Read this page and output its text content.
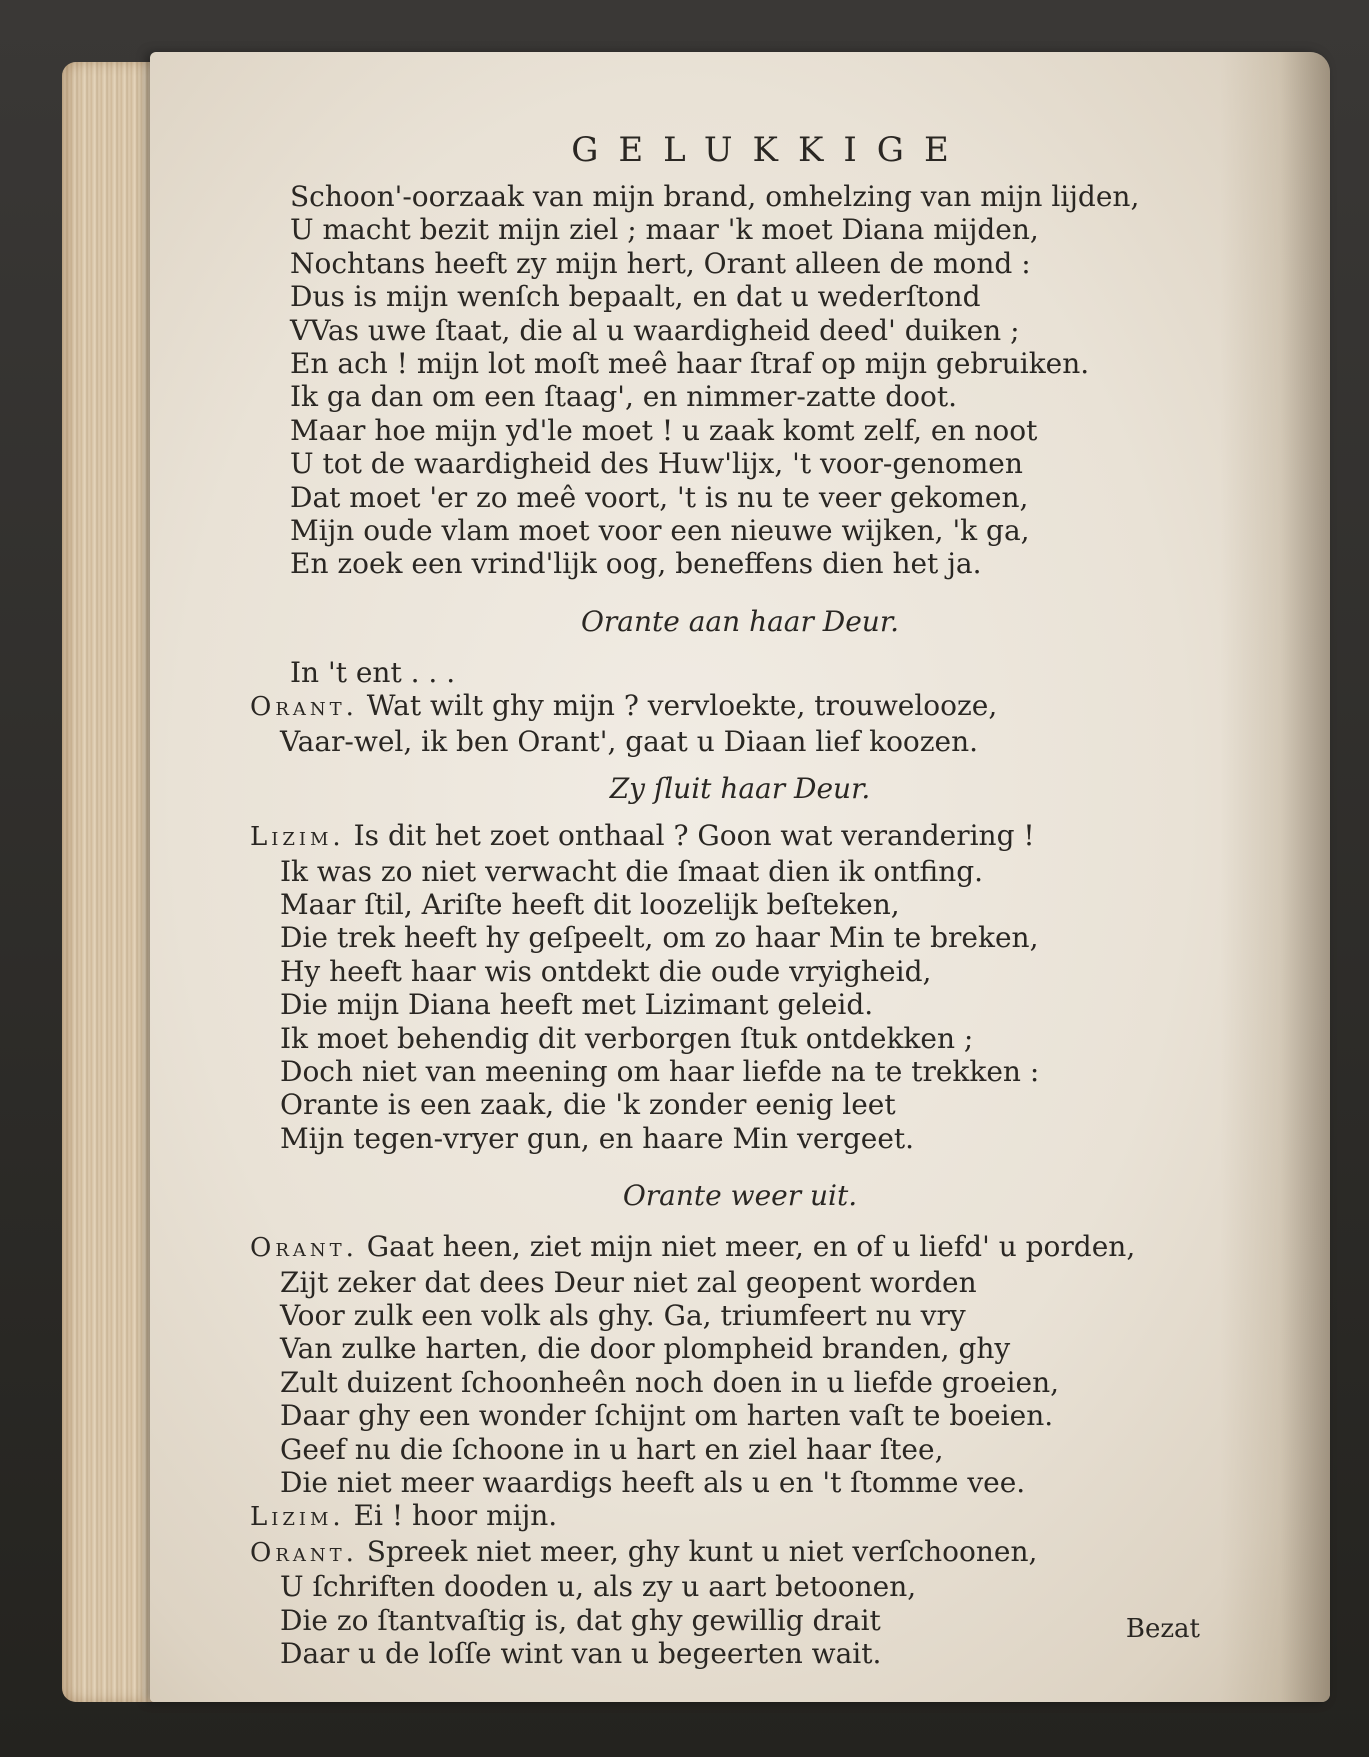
GELUKKIGE
Schoon'-oorzaak van mijn brand, omhelzing van mijn lijden,
U macht bezit mijn ziel ; maar 'k moet Diana mijden,
Nochtans heeft zy mijn hert, Orant alleen de mond :
Dus is mijn wenſch bepaalt, en dat u wederſtond
VVas uwe ſtaat, die al u waardigheid deed' duiken ;
En ach ! mijn lot moſt meê haar ſtraf op mijn gebruiken.
Ik ga dan om een ſtaag', en nimmer-zatte doot.
Maar hoe mijn yd'le moet ! u zaak komt zelf, en noot
U tot de waardigheid des Huw'lijx, 't voor-genomen
Dat moet 'er zo meê voort, 't is nu te veer gekomen,
Mijn oude vlam moet voor een nieuwe wijken, 'k ga,
En zoek een vrind'lijk oog, beneffens dien het ja.
Orante aan haar Deur.
In 't ent . . .
Orant. Wat wilt ghy mijn ? vervloekte, trouwelooze,
Vaar-wel, ik ben Orant', gaat u Diaan lief koozen.
Zy ſluit haar Deur.
Lizim. Is dit het zoet onthaal ? Goon wat verandering !
Ik was zo niet verwacht die ſmaat dien ik ontfing.
Maar ſtil, Ariſte heeft dit loozelijk beſteken,
Die trek heeft hy geſpeelt, om zo haar Min te breken,
Hy heeft haar wis ontdekt die oude vryigheid,
Die mijn Diana heeft met Lizimant geleid.
Ik moet behendig dit verborgen ſtuk ontdekken ;
Doch niet van meening om haar liefde na te trekken :
Orante is een zaak, die 'k zonder eenig leet
Mijn tegen-vryer gun, en haare Min vergeet.
Orante weer uit.
Orant. Gaat heen, ziet mijn niet meer, en of u liefd' u porden,
Zijt zeker dat dees Deur niet zal geopent worden
Voor zulk een volk als ghy. Ga, triumfeert nu vry
Van zulke harten, die door plompheid branden, ghy
Zult duizent ſchoonheên noch doen in u liefde groeien,
Daar ghy een wonder ſchijnt om harten vaſt te boeien.
Geef nu die ſchoone in u hart en ziel haar ſtee,
Die niet meer waardigs heeft als u en 't ſtomme vee.
Lizim. Ei ! hoor mijn.
Orant. Spreek niet meer, ghy kunt u niet verſchoonen,
U ſchriften dooden u, als zy u aart betoonen,
Die zo ſtantvaſtig is, dat ghy gewillig drait
Daar u de loſſe wint van u begeerten wait.
Bezat
